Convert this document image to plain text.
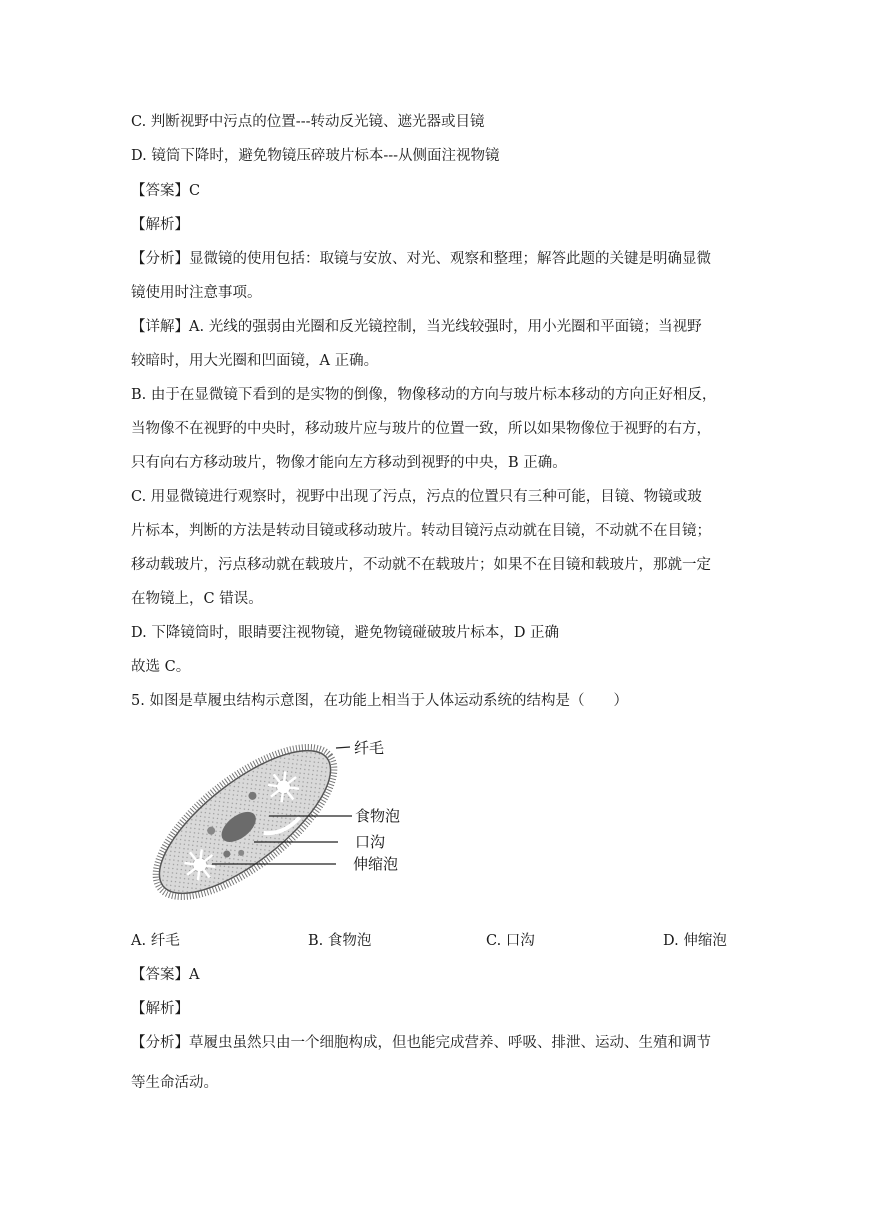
C. 判断视野中污点的位置---转动反光镜、遮光器或目镜
D. 镜筒下降时，避免物镜压碎玻片标本---从侧面注视物镜
【答案】C
【解析】
【分析】显微镜的使用包括：取镜与安放、对光、观察和整理；解答此题的关键是明确显微
镜使用时注意事项。
【详解】A. 光线的强弱由光圈和反光镜控制，当光线较强时，用小光圈和平面镜；当视野
较暗时，用大光圈和凹面镜，A 正确。
B. 由于在显微镜下看到的是实物的倒像，物像移动的方向与玻片标本移动的方向正好相反，
当物像不在视野的中央时，移动玻片应与玻片的位置一致，所以如果物像位于视野的右方，
只有向右方移动玻片，物像才能向左方移动到视野的中央，B 正确。
C. 用显微镜进行观察时，视野中出现了污点，污点的位置只有三种可能，目镜、物镜或玻
片标本，判断的方法是转动目镜或移动玻片。转动目镜污点动就在目镜，不动就不在目镜；
移动载玻片，污点移动就在载玻片，不动就不在载玻片；如果不在目镜和载玻片，那就一定
在物镜上，C 错误。
D. 下降镜筒时，眼睛要注视物镜，避免物镜碰破玻片标本，D 正确
故选 C。
5. 如图是草履虫结构示意图，在功能上相当于人体运动系统的结构是（　　）
纤毛
食物泡
口沟
伸缩泡
A. 纤毛	B. 食物泡	C. 口沟	D. 伸缩泡
【答案】A
【解析】
【分析】草履虫虽然只由一个细胞构成，但也能完成营养、呼吸、排泄、运动、生殖和调节
等生命活动。
